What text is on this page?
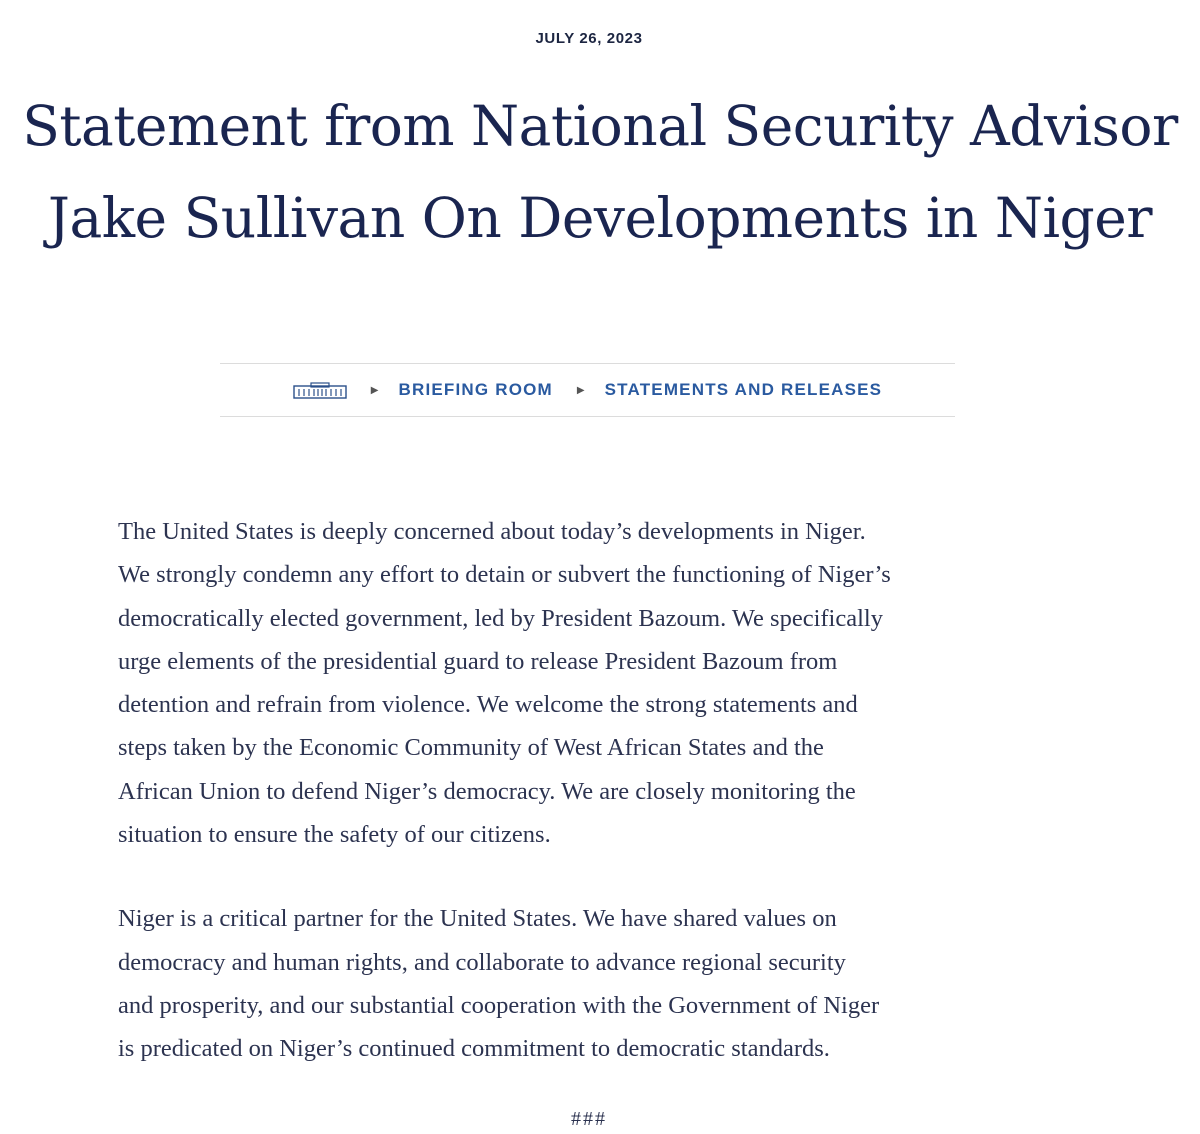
JULY 26, 2023
Statement from National Security Advisor Jake Sullivan On Developments in Niger
▶ BRIEFING ROOM ▶ STATEMENTS AND RELEASES

The United States is deeply concerned about today’s developments in Niger.
We strongly condemn any effort to detain or subvert the functioning of Niger’s
democratically elected government, led by President Bazoum. We specifically
urge elements of the presidential guard to release President Bazoum from
detention and refrain from violence. We welcome the strong statements and
steps taken by the Economic Community of West African States and the
African Union to defend Niger’s democracy. We are closely monitoring the
situation to ensure the safety of our citizens.

Niger is a critical partner for the United States. We have shared values on
democracy and human rights, and collaborate to advance regional security
and prosperity, and our substantial cooperation with the Government of Niger
is predicated on Niger’s continued commitment to democratic standards.

###
